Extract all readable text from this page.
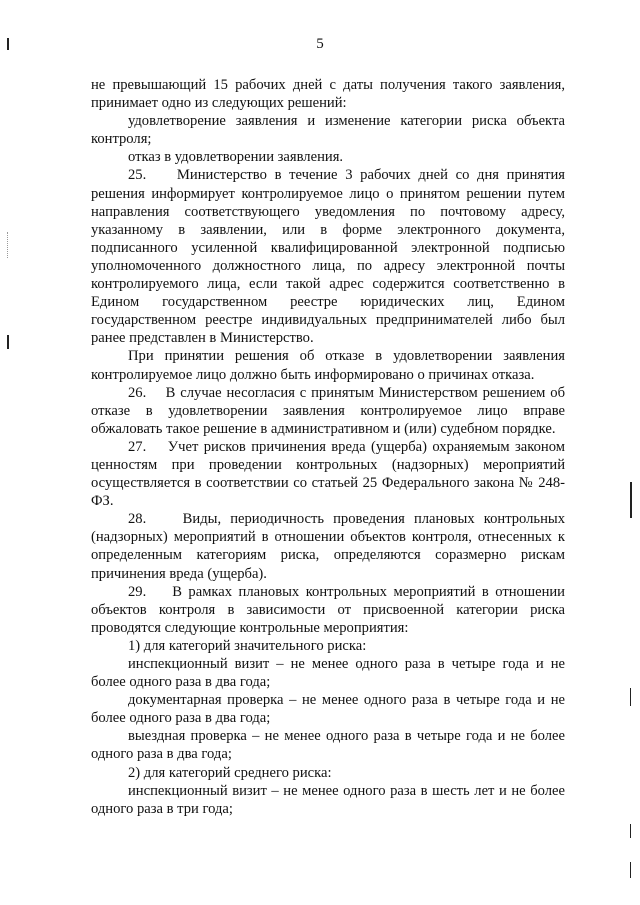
5

не превышающий 15 рабочих дней с даты получения такого заявления, принимает одно из следующих решений:

удовлетворение заявления и изменение категории риска объекта контроля;

отказ в удовлетворении заявления.

25.    Министерство в течение 3 рабочих дней со дня принятия решения информирует контролируемое лицо о принятом решении путем направления соответствующего уведомления по почтовому адресу, указанному в заявлении, или в форме электронного документа, подписанного усиленной квалифицированной электронной подписью уполномоченного должностного лица, по адресу электронной почты контролируемого лица, если такой адрес содержится соответственно в Едином государственном реестре юридических лиц, Едином государственном реестре индивидуальных предпринимателей либо был ранее представлен в Министерство.

При принятии решения об отказе в удовлетворении заявления контролируемое лицо должно быть информировано о причинах отказа.

26.    В случае несогласия с принятым Министерством решением об отказе в удовлетворении заявления контролируемое лицо вправе обжаловать такое решение в административном и (или) судебном порядке.

27.    Учет рисков причинения вреда (ущерба) охраняемым законом ценностям при проведении контрольных (надзорных) мероприятий осуществляется в соответствии со статьей 25 Федерального закона № 248-ФЗ.

28.    Виды, периодичность проведения плановых контрольных (надзорных) мероприятий в отношении объектов контроля, отнесенных к определенным категориям риска, определяются соразмерно рискам причинения вреда (ущерба).

29.    В рамках плановых контрольных мероприятий в отношении объектов контроля в зависимости от присвоенной категории риска проводятся следующие контрольные мероприятия:

1) для категорий значительного риска:

инспекционный визит – не менее одного раза в четыре года и не более одного раза в два года;

документарная проверка – не менее одного раза в четыре года и не более одного раза в два года;

выездная проверка – не менее одного раза в четыре года и не более одного раза в два года;

2) для категорий среднего риска:

инспекционный визит – не менее одного раза в шесть лет и не более одного раза в три года;
